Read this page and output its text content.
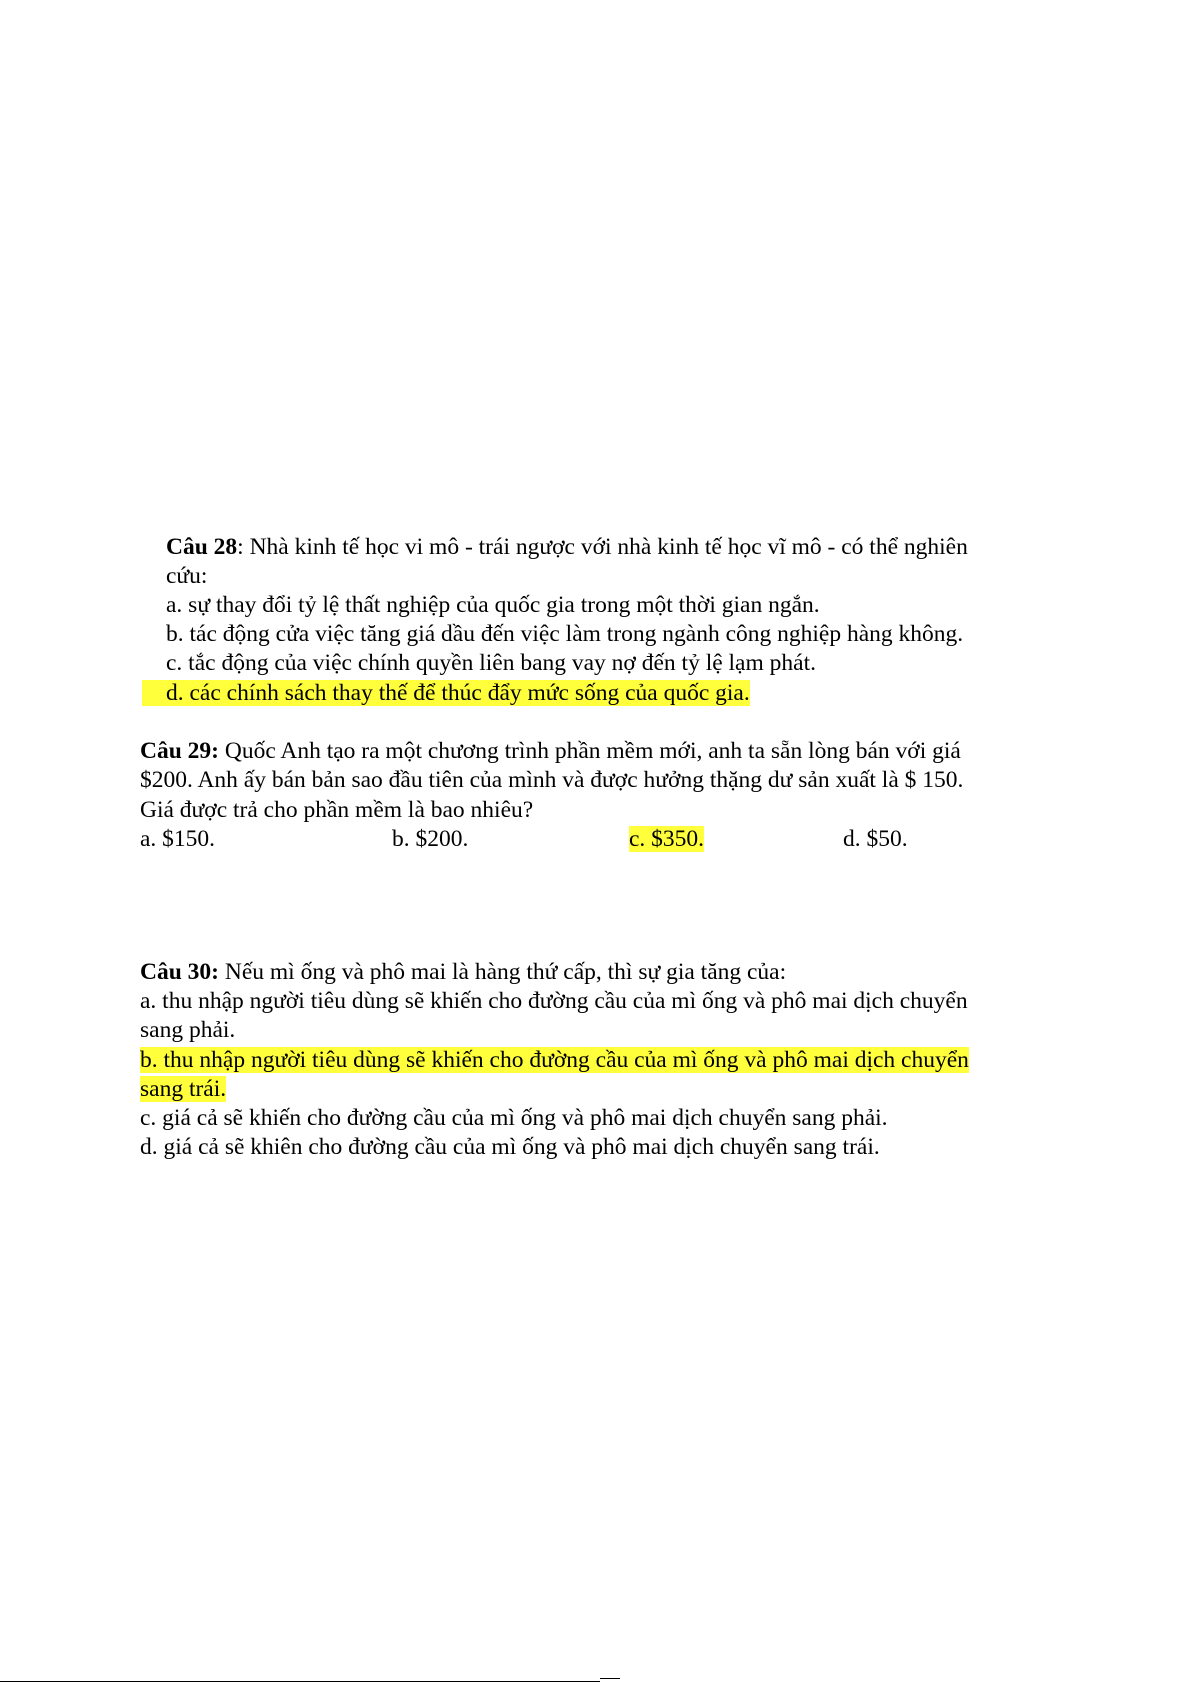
Câu 28: Nhà kinh tế học vi mô - trái ngược với nhà kinh tế học vĩ mô - có thể nghiên
cứu:
a. sự thay đổi tỷ lệ thất nghiệp của quốc gia trong một thời gian ngắn.
b. tác động cửa việc tăng giá dầu đến việc làm trong ngành công nghiệp hàng không.
c. tắc động của việc chính quyền liên bang vay nợ đến tỷ lệ lạm phát.
d. các chính sách thay thế để thúc đẩy mức sống của quốc gia.
Câu 29: Quốc Anh tạo ra một chương trình phần mềm mới, anh ta sẵn lòng bán với giá
$200. Anh ấy bán bản sao đầu tiên của mình và được hưởng thặng dư sản xuất là $ 150.
Giá được trả cho phần mềm là bao nhiêu?
a. $150.	b. $200.	c. $350.	d. $50.
Câu 30: Nếu mì ống và phô mai là hàng thứ cấp, thì sự gia tăng của:
a. thu nhập người tiêu dùng sẽ khiến cho đường cầu của mì ống và phô mai dịch chuyển
sang phải.
b. thu nhập người tiêu dùng sẽ khiến cho đường cầu của mì ống và phô mai dịch chuyển
sang trái.
c. giá cả sẽ khiến cho đường cầu của mì ống và phô mai dịch chuyển sang phải.
d. giá cả sẽ khiên cho đường cầu của mì ống và phô mai dịch chuyển sang trái.
